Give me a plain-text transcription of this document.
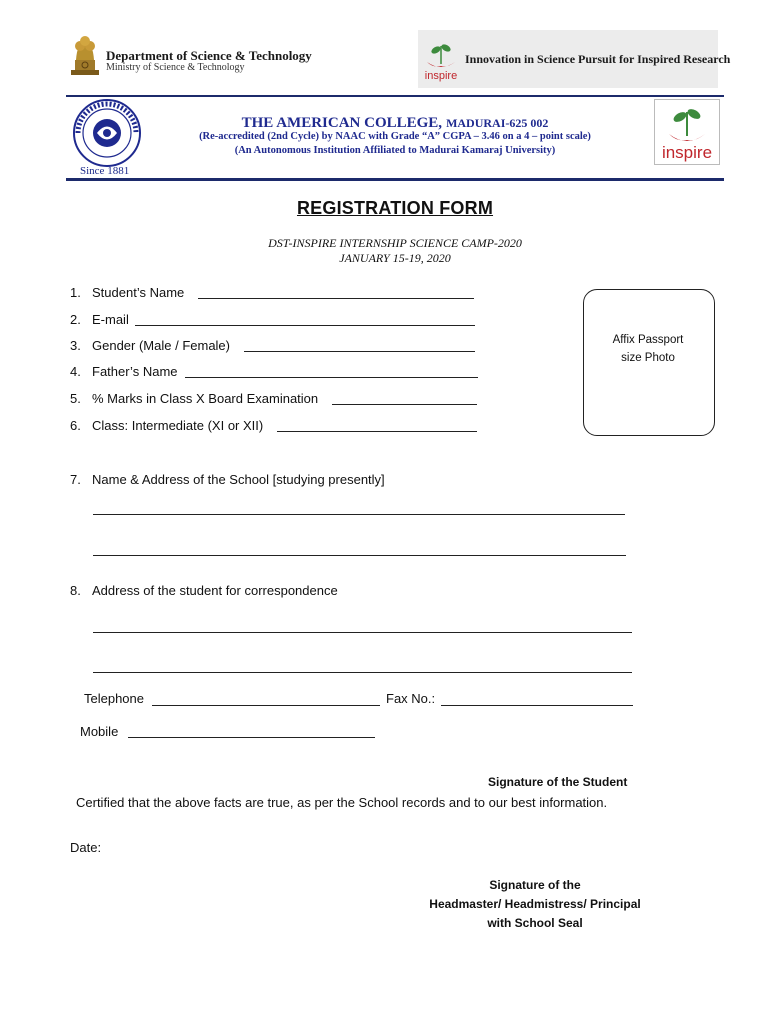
Department of Science & Technology
Ministry of Science & Technology
inspire
Innovation in Science Pursuit for Inspired Research
Since 1881
THE AMERICAN COLLEGE, MADURAI-625 002
(Re-accredited (2nd Cycle) by NAAC with Grade “A” CGPA – 3.46 on a 4 – point scale)
(An Autonomous Institution Affiliated to Madurai Kamaraj University)	inspire
REGISTRATION FORM
DST-INSPIRE INTERNSHIP SCIENCE CAMP-2020
JANUARY 15-19, 2020
1. Student’s Name
2. E-mail
3. Gender (Male / Female)
4. Father’s Name
5. % Marks in Class X Board Examination
6. Class: Intermediate (XI or XII)
Affix Passport
size Photo
7. Name & Address of the School [studying presently]
8. Address of the student for correspondence
Telephone	Fax No.:
Mobile
Signature of the Student
Certified that the above facts are true, as per the School records and to our best information.
Date:
Signature of the
Headmaster/ Headmistress/ Principal
with School Seal
